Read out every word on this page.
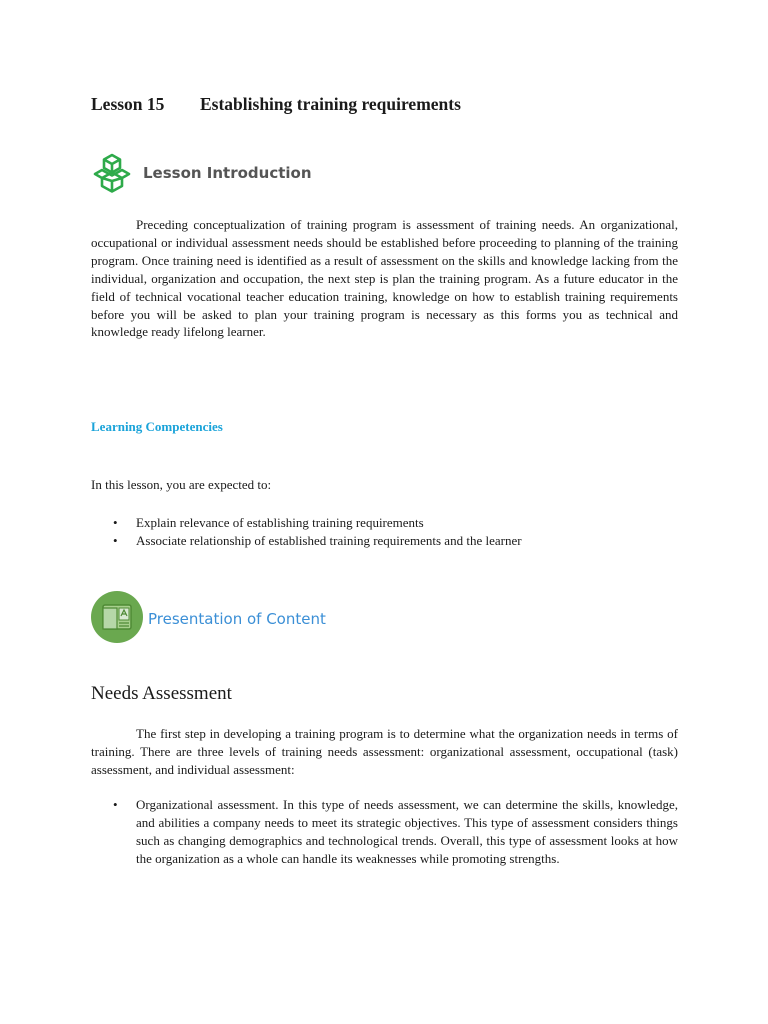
Lesson 15 Establishing training requirements
Lesson Introduction

Preceding conceptualization of training program is assessment of training needs. An organizational, occupational or individual assessment needs should be established before proceeding to planning of the training program. Once training need is identified as a result of assessment on the skills and knowledge lacking from the individual, organization and occupation, the next step is plan the training program. As a future educator in the field of technical vocational teacher education training, knowledge on how to establish training requirements before you will be asked to plan your training program is necessary as this forms you as technical and knowledge ready lifelong learner.

Learning Competencies

In this lesson, you are expected to:

• Explain relevance of establishing training requirements
• Associate relationship of established training requirements and the learner
Presentation of Content
Needs Assessment

The first step in developing a training program is to determine what the organization needs in terms of training. There are three levels of training needs assessment: organizational assessment, occupational (task) assessment, and individual assessment:

• Organizational assessment. In this type of needs assessment, we can determine the skills, knowledge, and abilities a company needs to meet its strategic objectives. This type of assessment considers things such as changing demographics and technological trends. Overall, this type of assessment looks at how the organization as a whole can handle its weaknesses while promoting strengths.
